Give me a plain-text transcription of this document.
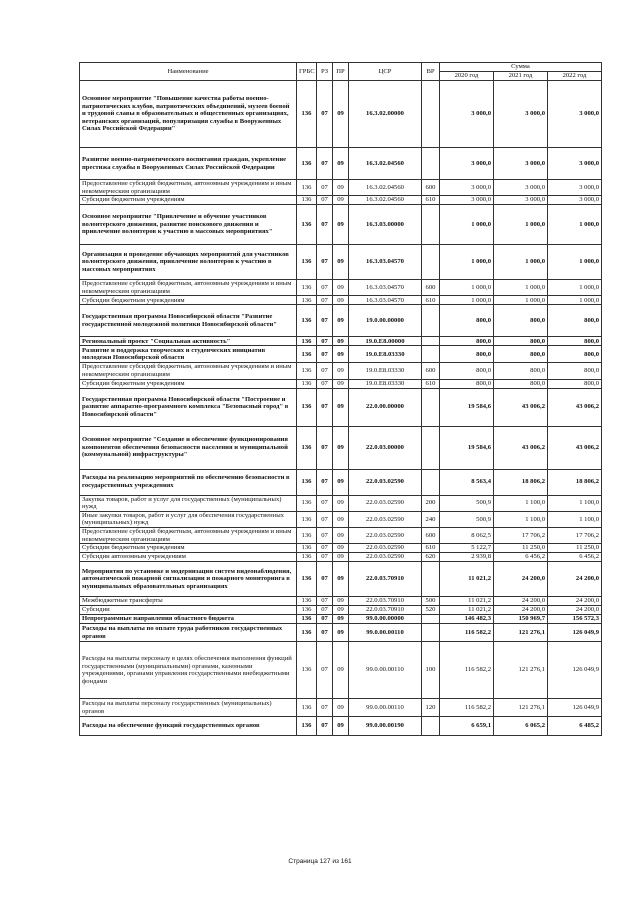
Наименование	ГРБС	РЗ	ПР	ЦСР	ВР	Сумма		
						2020 год	2021 год	2022 год
Основное мероприятие "Повышение качества работы военно-патриотических клубов, патриотических объединений, музеев боевой и трудовой славы в образовательных и общественных организациях, ветеранских организаций, популяризация службы в Вооруженных Силах Российской Федерации"	136	07	09	16.3.02.00000		3 000,0	3 000,0	3 000,0
Развитие военно-патриотического воспитания граждан, укрепление престижа службы в Вооруженных Силах Российской Федерации	136	07	09	16.3.02.04560		3 000,0	3 000,0	3 000,0
Предоставление субсидий бюджетным, автономным учреждениям и иным некоммерческим организациям	136	07	09	16.3.02.04560	600	3 000,0	3 000,0	3 000,0
Субсидии бюджетным учреждениям	136	07	09	16.3.02.04560	610	3 000,0	3 000,0	3 000,0
Основное мероприятие "Привлечение и обучение участников волонтерского движения, развитие поискового движения и привлечение волонтеров к участию в массовых мероприятиях"	136	07	09	16.3.03.00000		1 000,0	1 000,0	1 000,0
Организация и проведение обучающих мероприятий для участников волонтерского движения, привлечение волонтеров к участию в массовых мероприятиях	136	07	09	16.3.03.04570		1 000,0	1 000,0	1 000,0
Предоставление субсидий бюджетным, автономным учреждениям и иным некоммерческим организациям	136	07	09	16.3.03.04570	600	1 000,0	1 000,0	1 000,0
Субсидии бюджетным учреждениям	136	07	09	16.3.03.04570	610	1 000,0	1 000,0	1 000,0
Государственная программа Новосибирской области "Развитие государственной молодежной политики Новосибирской области"	136	07	09	19.0.00.00000		800,0	800,0	800,0
Региональный проект "Социальная активность"	136	07	09	19.0.E8.00000		800,0	800,0	800,0
Развитие и поддержка творческих и студенческих инициатив молодежи Новосибирской области	136	07	09	19.0.E8.03330		800,0	800,0	800,0
Предоставление субсидий бюджетным, автономным учреждениям и иным некоммерческим организациям	136	07	09	19.0.E8.03330	600	800,0	800,0	800,0
Субсидии бюджетным учреждениям	136	07	09	19.0.E8.03330	610	800,0	800,0	800,0
Государственная программа Новосибирской области "Построение и развитие аппаратно-программного комплекса "Безопасный город" в Новосибирской области"	136	07	09	22.0.00.00000		19 584,6	43 006,2	43 006,2
Основное мероприятие "Создание и обеспечение функционирования компонентов обеспечения безопасности населения и муниципальной (коммунальной) инфраструктуры"	136	07	09	22.0.03.00000		19 584,6	43 006,2	43 006,2
Расходы на реализацию мероприятий по обеспечению безопасности в государственных учреждениях	136	07	09	22.0.03.02590		8 563,4	18 806,2	18 806,2
Закупка товаров, работ и услуг для государственных (муниципальных) нужд	136	07	09	22.0.03.02590	200	500,9	1 100,0	1 100,0
Иные закупки товаров, работ и услуг для обеспечения государственных (муниципальных) нужд	136	07	09	22.0.03.02590	240	500,9	1 100,0	1 100,0
Предоставление субсидий бюджетным, автономным учреждениям и иным некоммерческим организациям	136	07	09	22.0.03.02590	600	8 062,5	17 706,2	17 706,2
Субсидии бюджетным учреждениям	136	07	09	22.0.03.02590	610	5 122,7	11 250,0	11 250,0
Субсидии автономным учреждениям	136	07	09	22.0.03.02590	620	2 939,8	6 456,2	6 456,2
Мероприятия по установке и модернизации систем видеонаблюдения, автоматической пожарной сигнализации и пожарного мониторинга в муниципальных образовательных организациях	136	07	09	22.0.03.70910		11 021,2	24 200,0	24 200,0
Межбюджетные трансферты	136	07	09	22.0.03.70910	500	11 021,2	24 200,0	24 200,0
Субсидии	136	07	09	22.0.03.70910	520	11 021,2	24 200,0	24 200,0
Непрограммные направления областного бюджета	136	07	09	99.0.00.00000		146 482,3	150 969,7	156 572,3
Расходы на выплаты по оплате труда работников государственных органов	136	07	09	99.0.00.00110		116 582,2	121 276,1	126 049,9
Расходы на выплаты персоналу в целях обеспечения выполнения функций государственными (муниципальными) органами, казенными учреждениями, органами управления государственными внебюджетными фондами	136	07	09	99.0.00.00110	100	116 582,2	121 276,1	126 049,9
Расходы на выплаты персоналу государственных (муниципальных) органов	136	07	09	99.0.00.00110	120	116 582,2	121 276,1	126 049,9
Расходы на обеспечение функций государственных органов	136	07	09	99.0.00.00190		6 659,1	6 065,2	6 485,2
Страница 127 из 161
